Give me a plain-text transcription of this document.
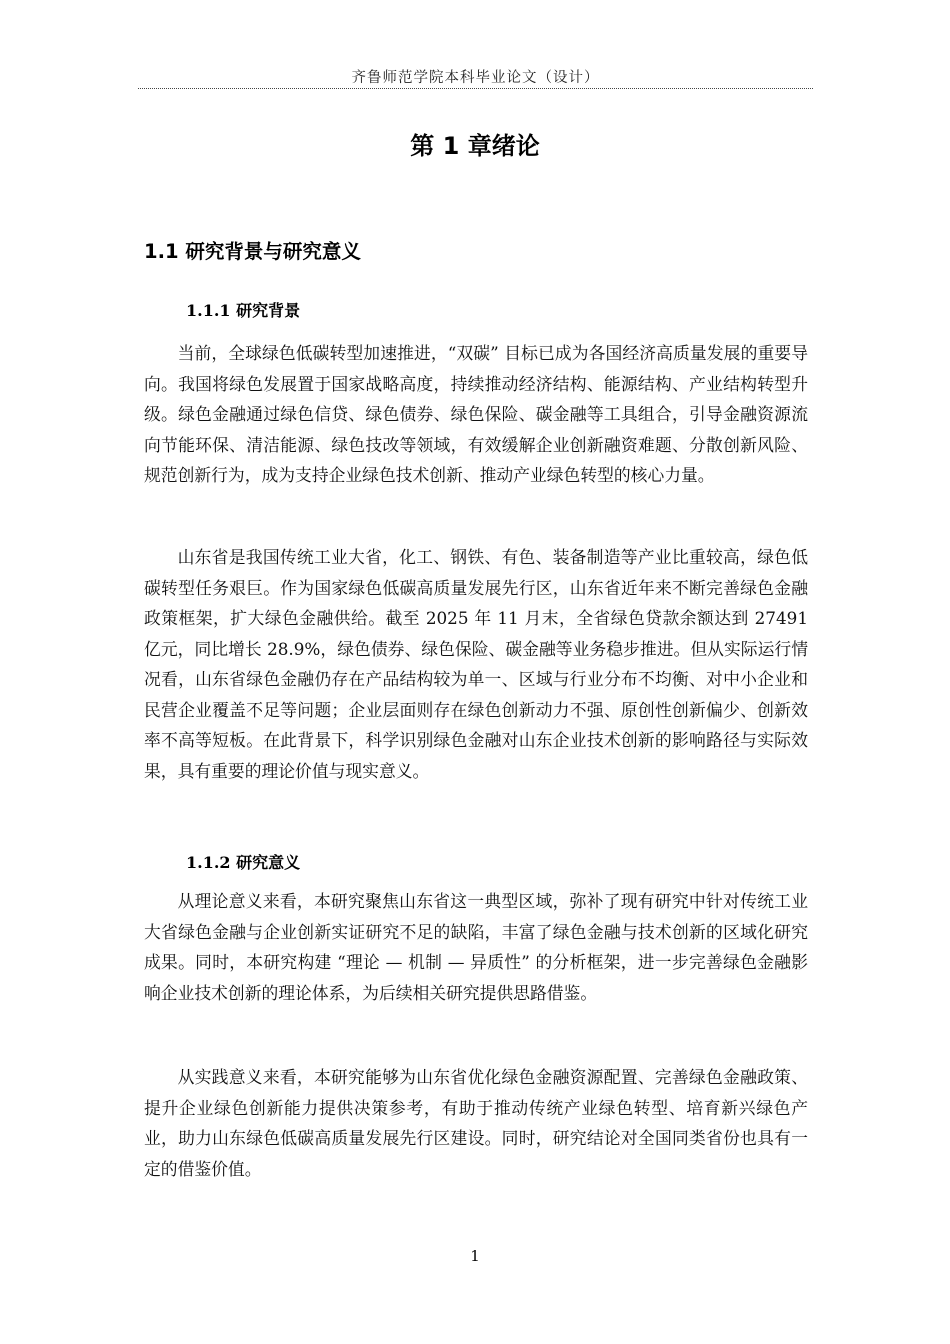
齐鲁师范学院本科毕业论文（设计）
第 1 章绪论
1.1 研究背景与研究意义
1.1.1 研究背景

当前，全球绿色低碳转型加速推进，“双碳” 目标已成为各国经济高质量发展的重要导向。我国将绿色发展置于国家战略高度，持续推动经济结构、能源结构、产业结构转型升级。绿色金融通过绿色信贷、绿色债券、绿色保险、碳金融等工具组合，引导金融资源流向节能环保、清洁能源、绿色技改等领域，有效缓解企业创新融资难题、分散创新风险、规范创新行为，成为支持企业绿色技术创新、推动产业绿色转型的核心力量。

山东省是我国传统工业大省，化工、钢铁、有色、装备制造等产业比重较高，绿色低碳转型任务艰巨。作为国家绿色低碳高质量发展先行区，山东省近年来不断完善绿色金融政策框架，扩大绿色金融供给。截至 2025 年 11 月末，全省绿色贷款余额达到 27491 亿元，同比增长 28.9%，绿色债券、绿色保险、碳金融等业务稳步推进。但从实际运行情况看，山东省绿色金融仍存在产品结构较为单一、区域与行业分布不均衡、对中小企业和民营企业覆盖不足等问题；企业层面则存在绿色创新动力不强、原创性创新偏少、创新效率不高等短板。在此背景下，科学识别绿色金融对山东企业技术创新的影响路径与实际效果，具有重要的理论价值与现实意义。

1.1.2 研究意义

从理论意义来看，本研究聚焦山东省这一典型区域，弥补了现有研究中针对传统工业大省绿色金融与企业创新实证研究不足的缺陷，丰富了绿色金融与技术创新的区域化研究成果。同时，本研究构建 “理论 — 机制 — 异质性” 的分析框架，进一步完善绿色金融影响企业技术创新的理论体系，为后续相关研究提供思路借鉴。

从实践意义来看，本研究能够为山东省优化绿色金融资源配置、完善绿色金融政策、提升企业绿色创新能力提供决策参考，有助于推动传统产业绿色转型、培育新兴绿色产业，助力山东绿色低碳高质量发展先行区建设。同时，研究结论对全国同类省份也具有一定的借鉴价值。

1
